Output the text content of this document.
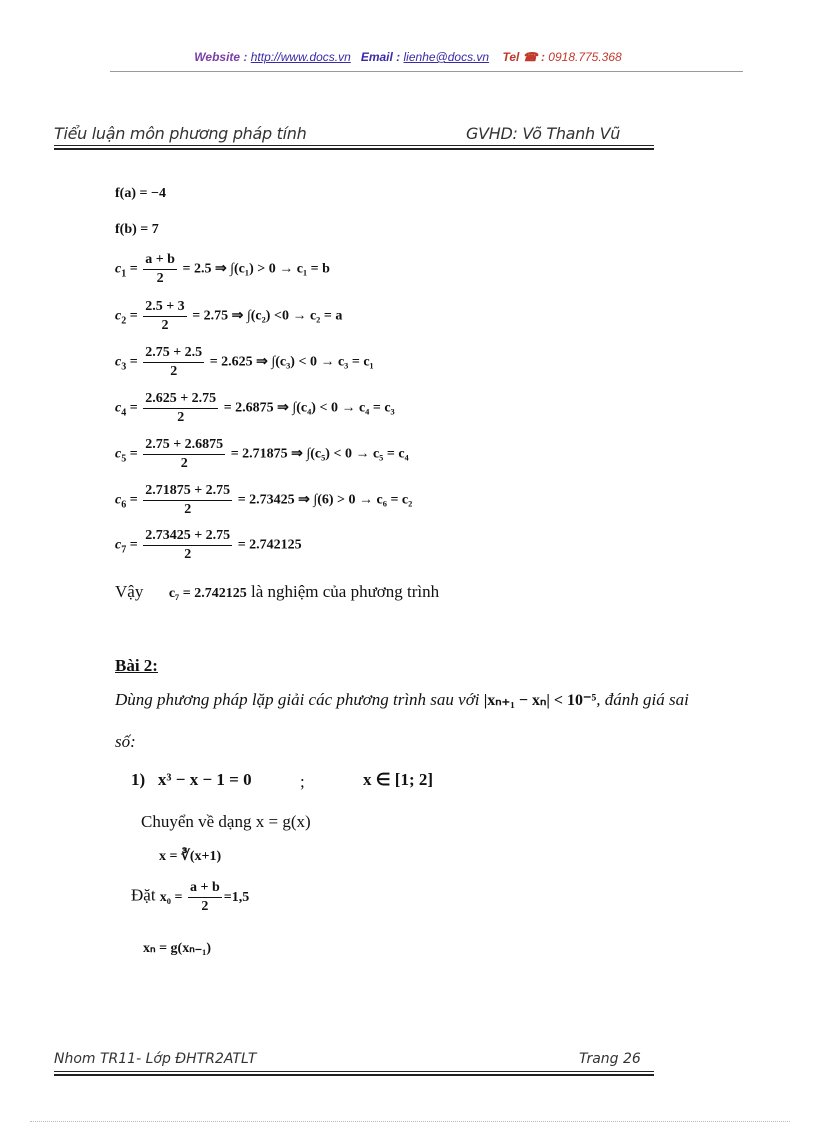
Website : http://www.docs.vn Email : lienhe@docs.vn Tel ☎ : 0918.775.368
Tiểu luận môn phương pháp tính	GVHD: Võ Thanh Vũ
f(a) = −4
f(b) = 7
$c_1 = \frac{a + b}{2} = 2.5$ ⇒ ∫(c₁) > 0 → c₁ = b
$c_2 = \frac{2.5 + 3}{2} = 2.75$ ⇒ ∫(c₂) <0 → c₂ = a
$c_3 = \frac{2.75 + 2.5}{2} = 2.625$ ⇒ ∫(c₃) < 0 → c₃ = c₁
$c_4 = \frac{2.625 + 2.75}{2} = 2.6875$ ⇒ ∫(c₄) < 0 → c₄ = c₃
$c_5 = \frac{2.75 + 2.6875}{2} = 2.71875$ ⇒ ∫(c₅) < 0 → c₅ = c₄
$c_6 = \frac{2.71875 + 2.75}{2} = 2.73425$ ⇒ ∫(6) > 0 → c₆ = c₂
$c_7 = \frac{2.73425 + 2.75}{2} = 2.742125$
Vậy c₇ = 2.742125 là nghiệm của phương trình
Bài 2:
Dùng phương pháp lặp giải các phương trình sau với |xₙ₊₁ − xₙ| < 10⁻⁵, đánh giá sai
số:
1) x³ − x − 1 = 0	;	x ∈ [1; 2]
Chuyển về dạng x = g(x)
x = ∛(x+1)
Đặt $x_0 = \frac{a + b}{2} =1,5$
xₙ = g(xₙ₋₁)
Nhom TR11- Lớp ĐHTR2ATLT	Trang 26
